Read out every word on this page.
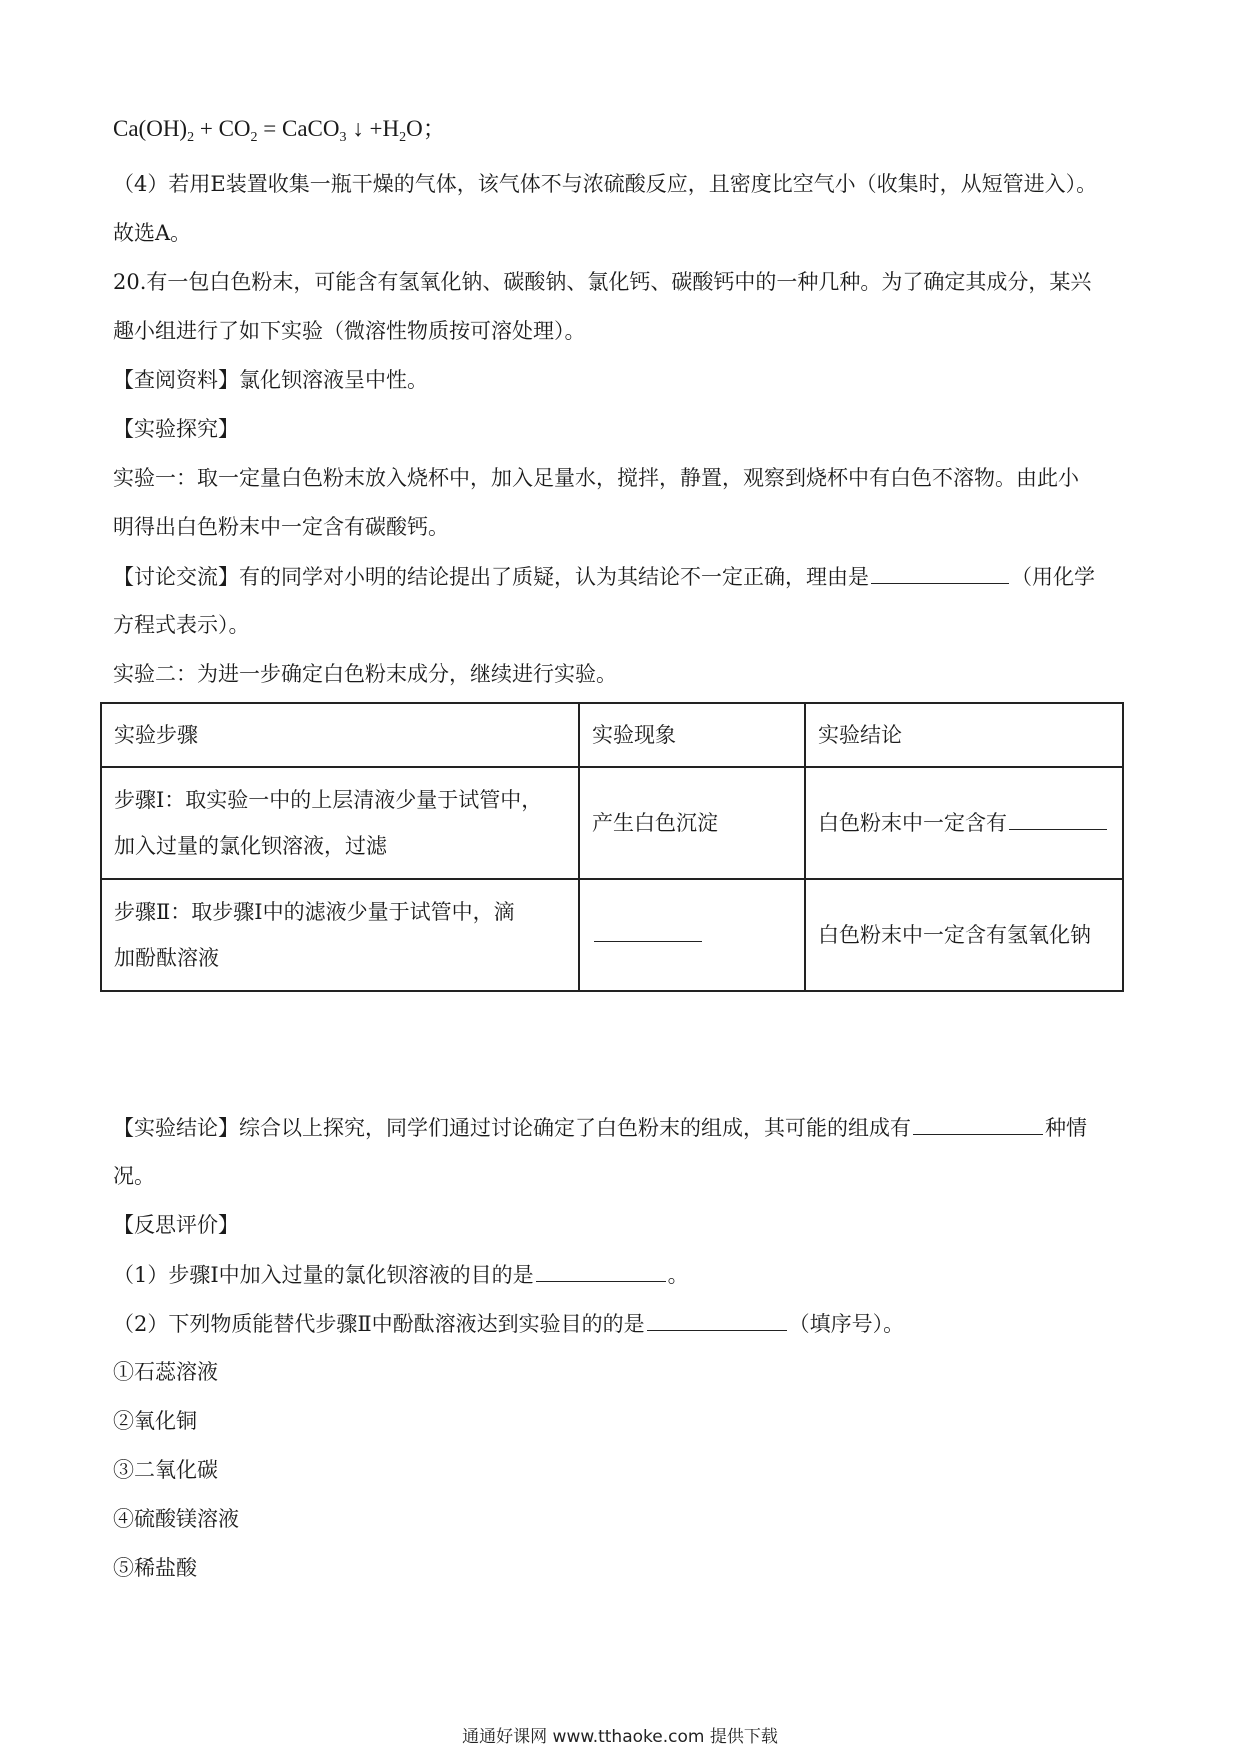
$Ca(OH)_2 + CO_2$ = CaCO$_3$ ↓ $+H_2O$；
（4）若用E装置收集一瓶干燥的气体，该气体不与浓硫酸反应，且密度比空气小（收集时，从短管进入）。
故选A。
20.有一包白色粉末，可能含有氢氧化钠、碳酸钠、氯化钙、碳酸钙中的一种几种。为了确定其成分，某兴
趣小组进行了如下实验（微溶性物质按可溶处理）。
【查阅资料】氯化钡溶液呈中性。
【实验探究】
实验一：取一定量白色粉末放入烧杯中，加入足量水，搅拌，静置，观察到烧杯中有白色不溶物。由此小
明得出白色粉末中一定含有碳酸钙。
【讨论交流】有的同学对小明的结论提出了质疑，认为其结论不一定正确，理由是	（用化学
方程式表示）。
实验二：为进一步确定白色粉末成分，继续进行实验。
实验步骤	实验现象	实验结论

步骤Ⅰ：取实验一中的上层清液少量于试管中，
加入过量的氯化钡溶液，过滤	产生白色沉淀	白色粉末中一定含有

步骤Ⅱ：取步骤Ⅰ中的滤液少量于试管中，滴
加酚酞溶液		白色粉末中一定含有氢氧化钠
【实验结论】综合以上探究，同学们通过讨论确定了白色粉末的组成，其可能的组成有	种情
况。
【反思评价】
（1）步骤Ⅰ中加入过量的氯化钡溶液的目的是	。
（2）下列物质能替代步骤Ⅱ中酚酞溶液达到实验目的的是	（填序号）。
①石蕊溶液
②氧化铜
③二氧化碳
④硫酸镁溶液
⑤稀盐酸
通通好课网 www.tthaoke.com 提供下载
